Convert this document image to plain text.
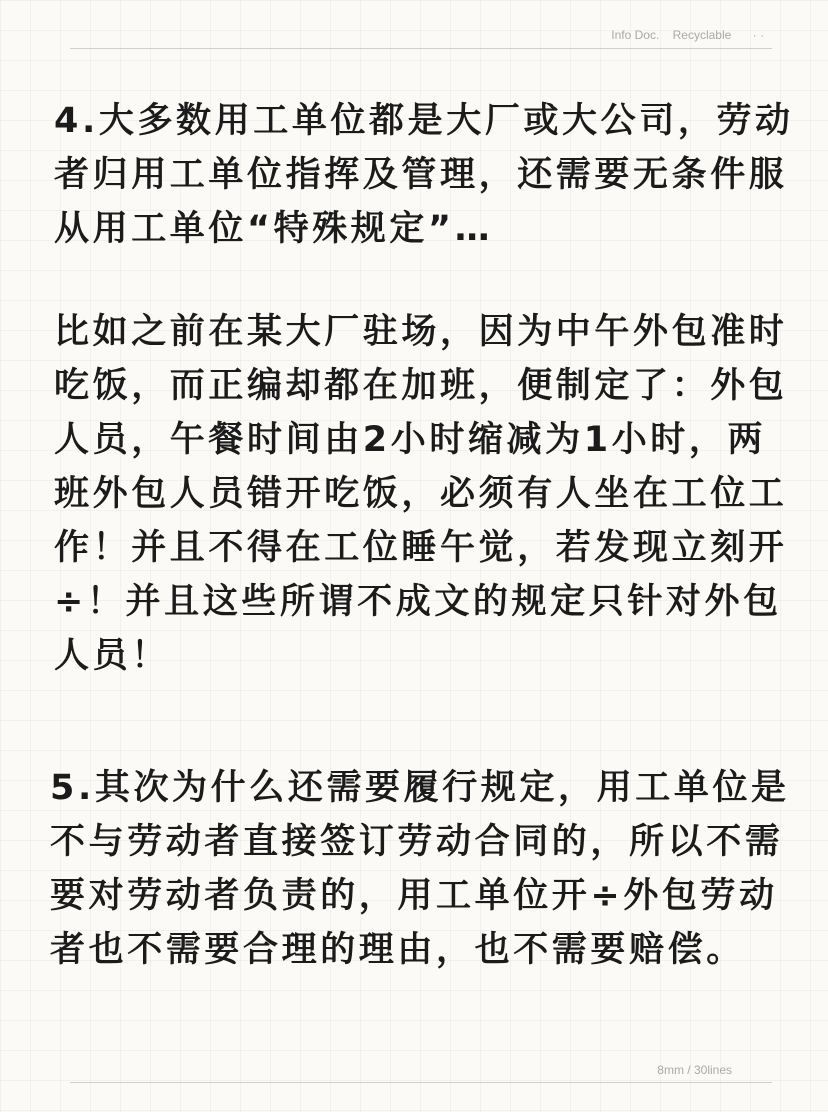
Info Doc. Recyclable · ·

4.大多数用工单位都是大厂或大公司，劳动者归用工单位指挥及管理，还需要无条件服从用工单位“特殊规定”…

比如之前在某大厂驻场，因为中午外包准时吃饭，而正编却都在加班，便制定了：外包人员，午餐时间由2小时缩减为1小时，两班外包人员错开吃饭，必须有人坐在工位工作！并且不得在工位睡午觉，若发现立刻开÷！并且这些所谓不成文的规定只针对外包人员！

5.其次为什么还需要履行规定，用工单位是不与劳动者直接签订劳动合同的，所以不需要对劳动者负责的，用工单位开÷外包劳动者也不需要合理的理由，也不需要赔偿。

8mm / 30lines
